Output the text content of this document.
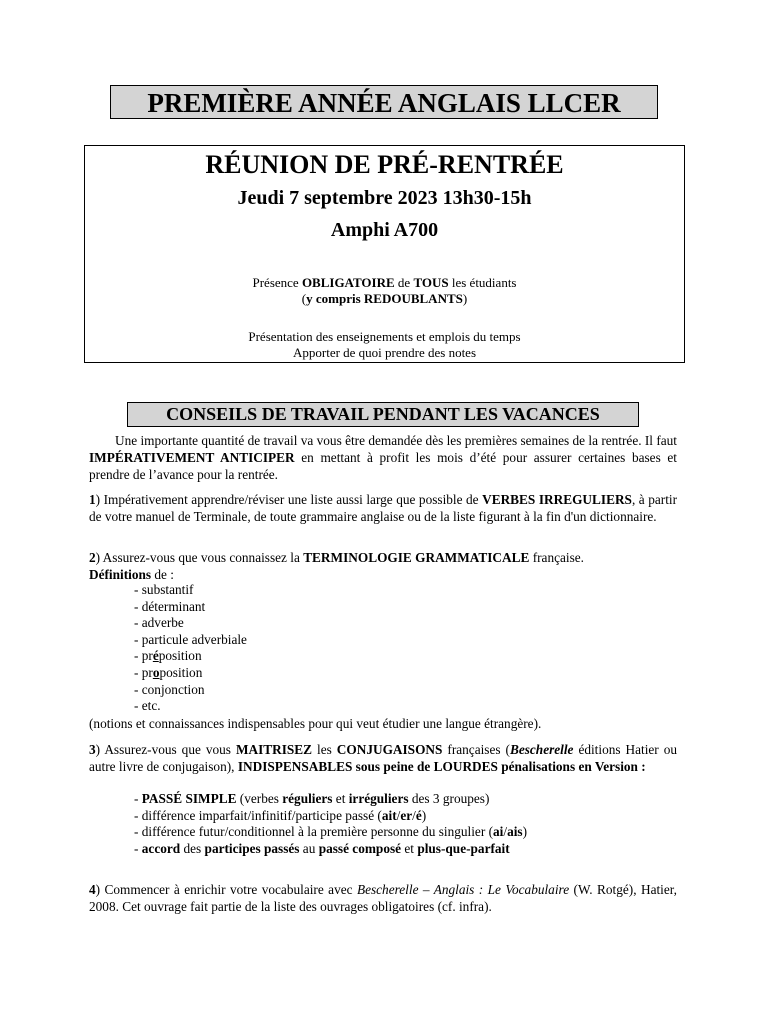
PREMIÈRE ANNÉE ANGLAIS LLCER
RÉUNION DE PRÉ-RENTRÉE
Jeudi 7 septembre 2023 13h30-15h
Amphi A700
Présence OBLIGATOIRE de TOUS les étudiants
(y compris REDOUBLANTS)
Présentation des enseignements et emplois du temps
Apporter de quoi prendre des notes
CONSEILS DE TRAVAIL PENDANT LES VACANCES
Une importante quantité de travail va vous être demandée dès les premières semaines de la rentrée. Il faut IMPÉRATIVEMENT ANTICIPER en mettant à profit les mois d’été pour assurer certaines bases et prendre de l’avance pour la rentrée.
1) Impérativement apprendre/réviser une liste aussi large que possible de VERBES IRREGULIERS, à partir de votre manuel de Terminale, de toute grammaire anglaise ou de la liste figurant à la fin d'un dictionnaire.
2) Assurez-vous que vous connaissez la TERMINOLOGIE GRAMMATICALE française.
Définitions de :
- substantif
- déterminant
- adverbe
- particule adverbiale
- préposition
- proposition
- conjonction
- etc.
(notions et connaissances indispensables pour qui veut étudier une langue étrangère).
3) Assurez-vous que vous MAITRISEZ les CONJUGAISONS françaises (Bescherelle éditions Hatier ou autre livre de conjugaison), INDISPENSABLES sous peine de LOURDES pénalisations en Version :
- PASSÉ SIMPLE (verbes réguliers et irréguliers des 3 groupes)
- différence imparfait/infinitif/participe passé (ait/er/é)
- différence futur/conditionnel à la première personne du singulier (ai/ais)
- accord des participes passés au passé composé et plus-que-parfait
4) Commencer à enrichir votre vocabulaire avec Bescherelle – Anglais : Le Vocabulaire (W. Rotgé), Hatier, 2008. Cet ouvrage fait partie de la liste des ouvrages obligatoires (cf. infra).
